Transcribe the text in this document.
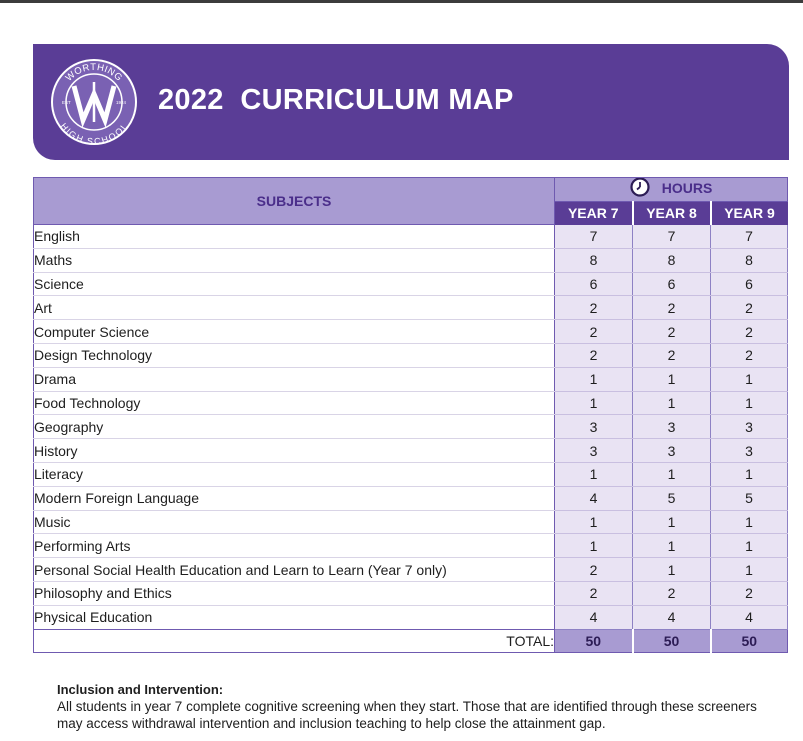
WORTHING
HIGH SCHOOL
EST	1924 2022  CURRICULUM MAP
SUBJECTS	HOURS		
	YEAR 7	YEAR 8	YEAR 9
English	7	7	7
Maths	8	8	8
Science	6	6	6
Art	2	2	2
Computer Science	2	2	2
Design Technology	2	2	2
Drama	1	1	1
Food Technology	1	1	1
Geography	3	3	3
History	3	3	3
Literacy	1	1	1
Modern Foreign Language	4	5	5
Music	1	1	1
Performing Arts	1	1	1
Personal Social Health Education and Learn to Learn (Year 7 only)	2	1	1
Philosophy and Ethics	2	2	2
Physical Education	4	4	4
TOTAL:	50	50	50
Inclusion and Intervention:
All students in year 7 complete cognitive screening when they start. Those that are identified through these screeners may access withdrawal intervention and inclusion teaching to help close the attainment gap.
